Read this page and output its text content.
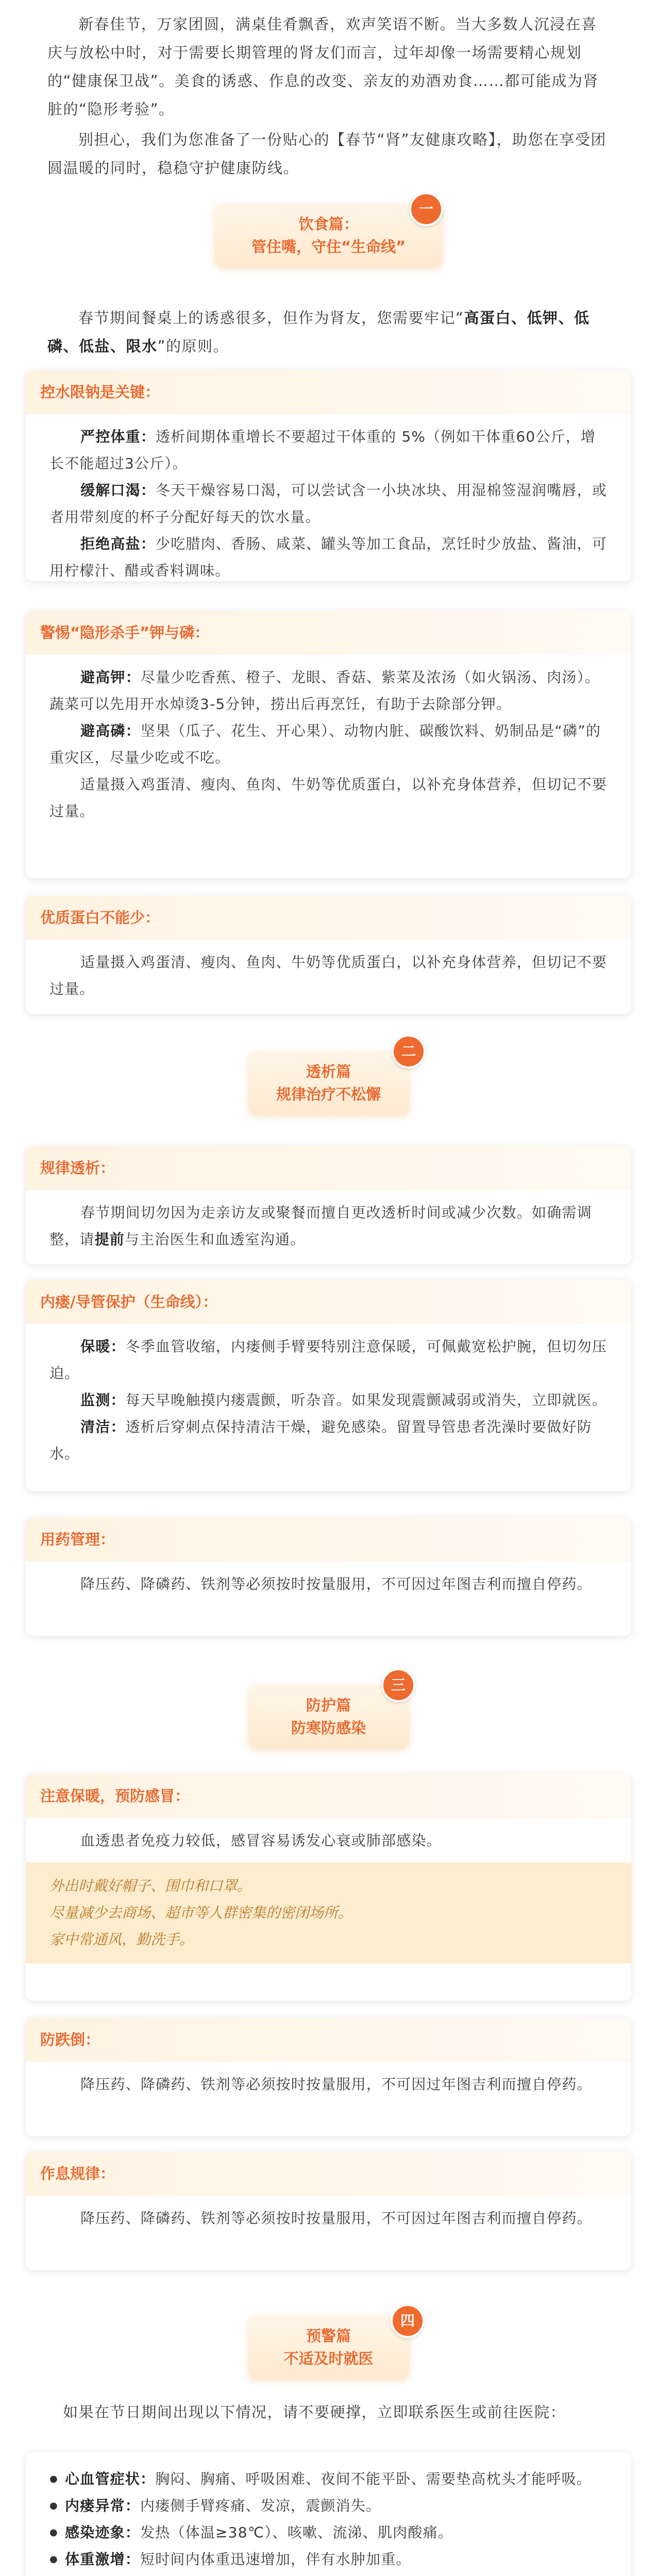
新春佳节，万家团圆，满桌佳肴飘香，欢声笑语不断。当大多数人沉浸在喜庆与放松中时，对于需要长期管理的肾友们而言，过年却像一场需要精心规划的“健康保卫战”。美食的诱惑、作息的改变、亲友的劝酒劝食……都可能成为肾脏的“隐形考验”。

别担心，我们为您准备了一份贴心的【春节“肾”友健康攻略】，助您在享受团圆温暖的同时，稳稳守护健康防线。

饮食篇：
管住嘴，守住“生命线”
一

春节期间餐桌上的诱惑很多，但作为肾友，您需要牢记“高蛋白、低钾、低磷、低盐、限水”的原则。

控水限钠是关键：

严控体重：透析间期体重增长不要超过干体重的 5%（例如干体重60公斤，增长不能超过3公斤）。

缓解口渴：冬天干燥容易口渴，可以尝试含一小块冰块、用湿棉签湿润嘴唇，或者用带刻度的杯子分配好每天的饮水量。

拒绝高盐：少吃腊肉、香肠、咸菜、罐头等加工食品，烹饪时少放盐、酱油，可用柠檬汁、醋或香料调味。

警惕“隐形杀手”钾与磷：

避高钾：尽量少吃香蕉、橙子、龙眼、香菇、紫菜及浓汤（如火锅汤、肉汤）。蔬菜可以先用开水焯烫3-5分钟，捞出后再烹饪，有助于去除部分钾。

避高磷：坚果（瓜子、花生、开心果）、动物内脏、碳酸饮料、奶制品是“磷”的重灾区，尽量少吃或不吃。

适量摄入鸡蛋清、瘦肉、鱼肉、牛奶等优质蛋白，以补充身体营养，但切记不要过量。

优质蛋白不能少：

适量摄入鸡蛋清、瘦肉、鱼肉、牛奶等优质蛋白，以补充身体营养，但切记不要过量。

透析篇
规律治疗不松懈
二
规律透析：

春节期间切勿因为走亲访友或聚餐而擅自更改透析时间或减少次数。如确需调整，请提前与主治医生和血透室沟通。

内瘘/导管保护（生命线）：

保暖：冬季血管收缩，内瘘侧手臂要特别注意保暖，可佩戴宽松护腕，但切勿压迫。

监测：每天早晚触摸内瘘震颤，听杂音。如果发现震颤减弱或消失，立即就医。

清洁：透析后穿刺点保持清洁干燥，避免感染。留置导管患者洗澡时要做好防水。

用药管理：

降压药、降磷药、铁剂等必须按时按量服用，不可因过年图吉利而擅自停药。

防护篇
防寒防感染
三
注意保暖，预防感冒：

血透患者免疫力较低，感冒容易诱发心衰或肺部感染。

外出时戴好帽子、围巾和口罩。
尽量减少去商场、超市等人群密集的密闭场所。
家中常通风，勤洗手。
防跌倒：

降压药、降磷药、铁剂等必须按时按量服用，不可因过年图吉利而擅自停药。

作息规律：

降压药、降磷药、铁剂等必须按时按量服用，不可因过年图吉利而擅自停药。

预警篇
不适及时就医
四

如果在节日期间出现以下情况，请不要硬撑，立即联系医生或前往医院：

● 心血管症状：胸闷、胸痛、呼吸困难、夜间不能平卧、需要垫高枕头才能呼吸。

● 内瘘异常：内瘘侧手臂疼痛、发凉，震颤消失。

● 感染迹象：发热（体温≥38℃）、咳嗽、流涕、肌肉酸痛。

● 体重激增：短时间内体重迅速增加，伴有水肿加重。
